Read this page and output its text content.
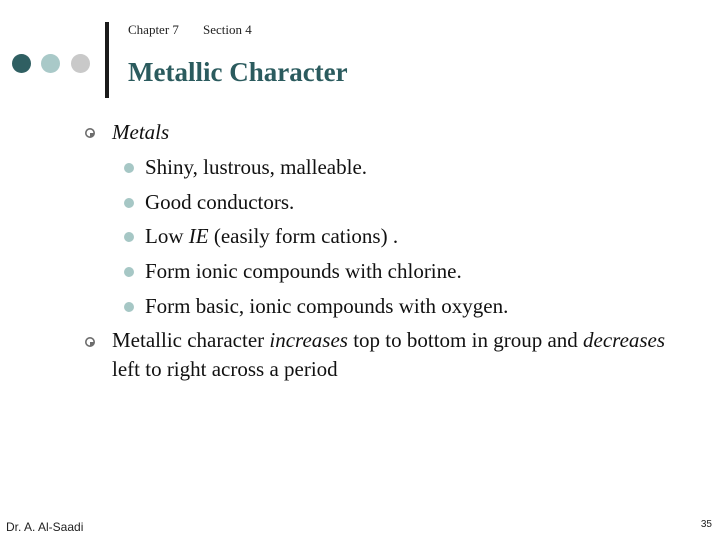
Chapter 7 Section 4
Metallic Character
Metals
Shiny, lustrous, malleable.
Good conductors.
Low IE (easily form cations) .
Form ionic compounds with chlorine.
Form basic, ionic compounds with oxygen.
Metallic character increases top to bottom in group and decreases left to right across a period
Dr. A. Al-Saadi	35
